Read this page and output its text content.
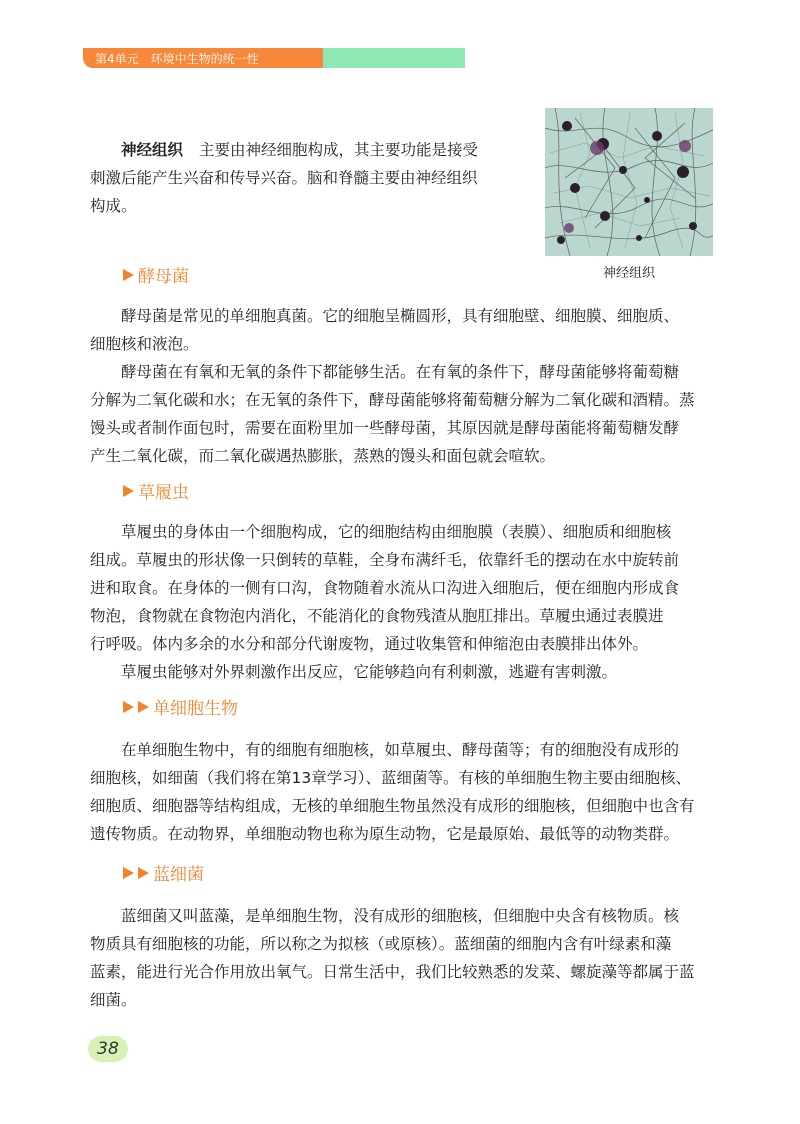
第4单元　环境中生物的统一性
神经组织 主要由神经细胞构成，其主要功能是接受
刺激后能产生兴奋和传导兴奋。脑和脊髓主要由神经组织
构成。
神经组织
酵母菌
酵母菌是常见的单细胞真菌。它的细胞呈椭圆形，具有细胞壁、细胞膜、细胞质、
细胞核和液泡。
酵母菌在有氧和无氧的条件下都能够生活。在有氧的条件下，酵母菌能够将葡萄糖
分解为二氧化碳和水；在无氧的条件下，酵母菌能够将葡萄糖分解为二氧化碳和酒精。蒸
馒头或者制作面包时，需要在面粉里加一些酵母菌，其原因就是酵母菌能将葡萄糖发酵
产生二氧化碳，而二氧化碳遇热膨胀，蒸熟的馒头和面包就会喧软。
草履虫
草履虫的身体由一个细胞构成，它的细胞结构由细胞膜（表膜）、细胞质和细胞核
组成。草履虫的形状像一只倒转的草鞋，全身布满纤毛，依靠纤毛的摆动在水中旋转前
进和取食。在身体的一侧有口沟，食物随着水流从口沟进入细胞后，便在细胞内形成食
物泡，食物就在食物泡内消化，不能消化的食物残渣从胞肛排出。草履虫通过表膜进
行呼吸。体内多余的水分和部分代谢废物，通过收集管和伸缩泡由表膜排出体外。
草履虫能够对外界刺激作出反应，它能够趋向有利刺激，逃避有害刺激。
单细胞生物
在单细胞生物中，有的细胞有细胞核，如草履虫、酵母菌等；有的细胞没有成形的
细胞核，如细菌（我们将在第13章学习）、蓝细菌等。有核的单细胞生物主要由细胞核、
细胞质、细胞器等结构组成，无核的单细胞生物虽然没有成形的细胞核，但细胞中也含有
遗传物质。在动物界，单细胞动物也称为原生动物，它是最原始、最低等的动物类群。
蓝细菌
蓝细菌又叫蓝藻，是单细胞生物，没有成形的细胞核，但细胞中央含有核物质。核
物质具有细胞核的功能，所以称之为拟核（或原核）。蓝细菌的细胞内含有叶绿素和藻
蓝素，能进行光合作用放出氧气。日常生活中，我们比较熟悉的发菜、螺旋藻等都属于蓝
细菌。
38
